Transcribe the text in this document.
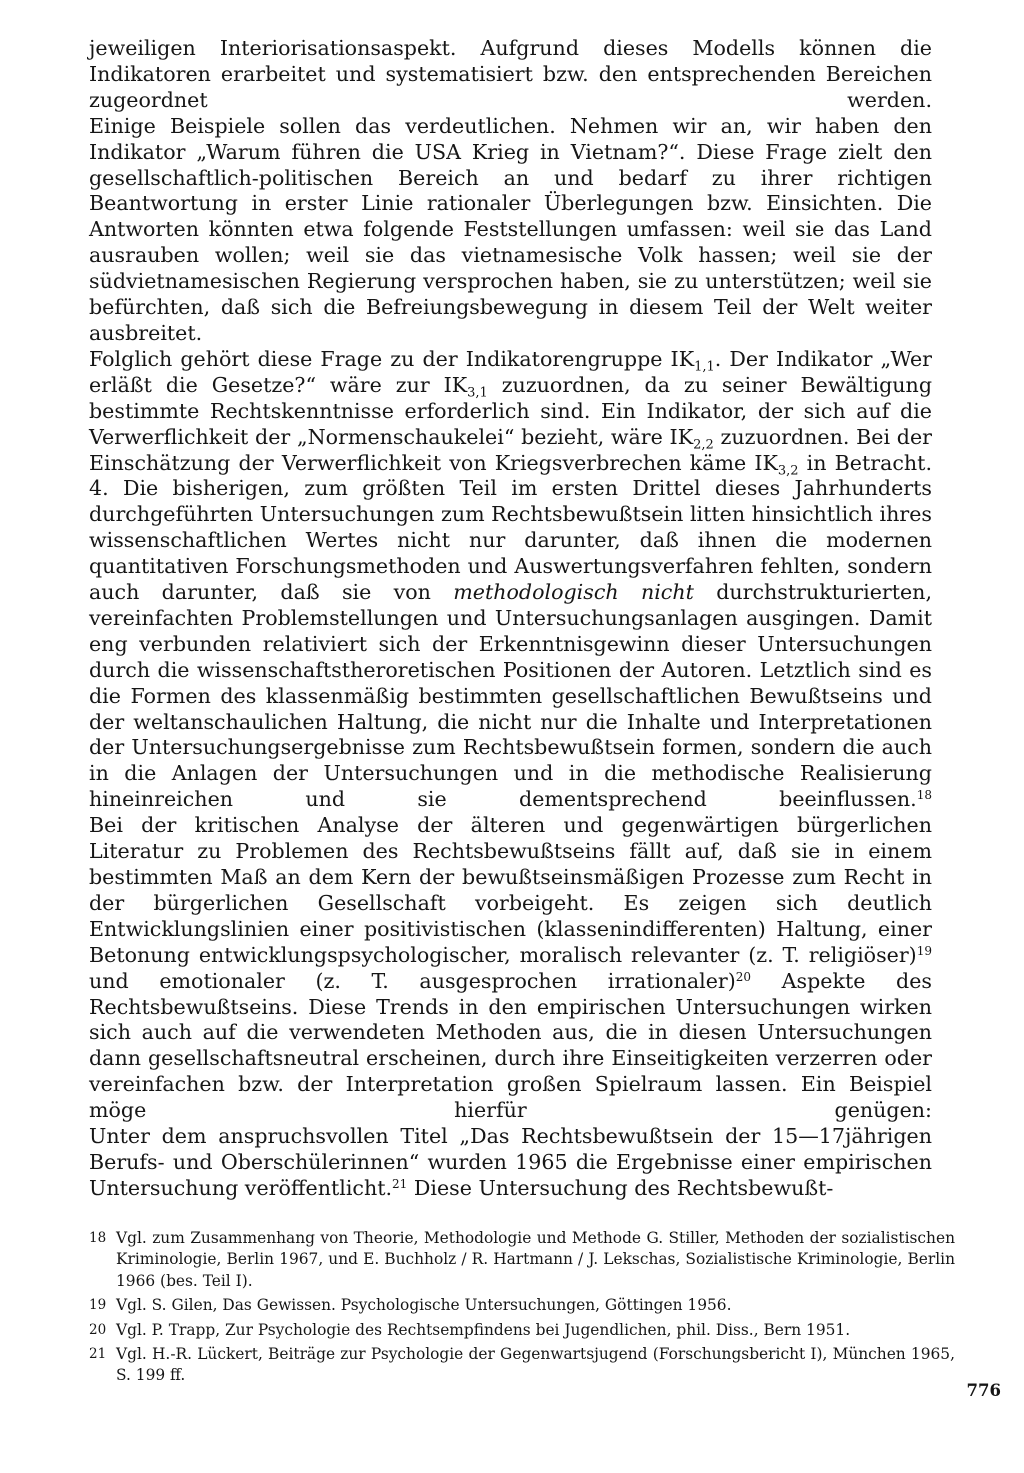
jeweiligen Interiorisationsaspekt. Aufgrund dieses Modells können die Indikatoren erarbeitet und systematisiert bzw. den entsprechenden Bereichen zugeordnet werden.

Einige Beispiele sollen das verdeutlichen. Nehmen wir an, wir haben den Indikator „Warum führen die USA Krieg in Vietnam?“. Diese Frage zielt den gesellschaftlich-politischen Bereich an und bedarf zu ihrer richtigen Beantwortung in erster Linie rationaler Überlegungen bzw. Einsichten. Die Antworten könnten etwa folgende Feststellungen umfassen: weil sie das Land ausrauben wollen; weil sie das vietnamesische Volk hassen; weil sie der südvietnamesischen Regierung versprochen haben, sie zu unterstützen; weil sie befürchten, daß sich die Befreiungsbewegung in diesem Teil der Welt weiter ausbreitet.

Folglich gehört diese Frage zu der Indikatorengruppe $IK_{1,1}$. Der Indikator „Wer erläßt die Gesetze?“ wäre zur $IK_{3,1}$ zuzuordnen, da zu seiner Bewältigung bestimmte Rechtskenntnisse erforderlich sind. Ein Indikator, der sich auf die Verwerflichkeit der „Normenschaukelei“ bezieht, wäre $IK_{2,2}$ zuzuordnen. Bei der Einschätzung der Verwerflichkeit von Kriegsverbrechen käme $IK_{3,2}$ in Betracht.

4. Die bisherigen, zum größten Teil im ersten Drittel dieses Jahrhunderts durchgeführten Untersuchungen zum Rechtsbewußtsein litten hinsichtlich ihres wissenschaftlichen Wertes nicht nur darunter, daß ihnen die modernen quantitativen Forschungsmethoden und Auswertungsverfahren fehlten, sondern auch darunter, daß sie von methodologisch nicht durchstrukturierten, vereinfachten Problemstellungen und Untersuchungsanlagen ausgingen. Damit eng verbunden relativiert sich der Erkenntnisgewinn dieser Untersuchungen durch die wissenschaftstheroretischen Positionen der Autoren. Letztlich sind es die Formen des klassenmäßig bestimmten gesellschaftlichen Bewußtseins und der weltanschaulichen Haltung, die nicht nur die Inhalte und Interpretationen der Untersuchungsergebnisse zum Rechtsbewußtsein formen, sondern die auch in die Anlagen der Untersuchungen und in die methodische Realisierung hineinreichen und sie dementsprechend beeinflussen.$^{18}$

Bei der kritischen Analyse der älteren und gegenwärtigen bürgerlichen Literatur zu Problemen des Rechtsbewußtseins fällt auf, daß sie in einem bestimmten Maß an dem Kern der bewußtseinsmäßigen Prozesse zum Recht in der bürgerlichen Gesellschaft vorbeigeht. Es zeigen sich deutlich Entwicklungslinien einer positivistischen (klassenindifferenten) Haltung, einer Betonung entwicklungspsychologischer, moralisch relevanter (z. T. religiöser)$^{19}$ und emotionaler (z. T. ausgesprochen irrationaler)$^{20}$ Aspekte des Rechtsbewußtseins. Diese Trends in den empirischen Untersuchungen wirken sich auch auf die verwendeten Methoden aus, die in diesen Untersuchungen dann gesellschaftsneutral erscheinen, durch ihre Einseitigkeiten verzerren oder vereinfachen bzw. der Interpretation großen Spielraum lassen. Ein Beispiel möge hierfür genügen:

Unter dem anspruchsvollen Titel „Das Rechtsbewußtsein der 15—17jährigen Berufs- und Oberschülerinnen“ wurden 1965 die Ergebnisse einer empirischen Untersuchung veröffentlicht.$^{21}$ Diese Untersuchung des Rechtsbewußt-

18 Vgl. zum Zusammenhang von Theorie, Methodologie und Methode G. Stiller, Methoden der sozialistischen Kriminologie, Berlin 1967, und E. Buchholz / R. Hartmann / J. Lekschas, Sozialistische Kriminologie, Berlin 1966 (bes. Teil I).
19 Vgl. S. Gilen, Das Gewissen. Psychologische Untersuchungen, Göttingen 1956.
20 Vgl. P. Trapp, Zur Psychologie des Rechtsempfindens bei Jugendlichen, phil. Diss., Bern 1951.
21 Vgl. H.-R. Lückert, Beiträge zur Psychologie der Gegenwartsjugend (Forschungsbericht I), München 1965, S. 199 ff.
776
